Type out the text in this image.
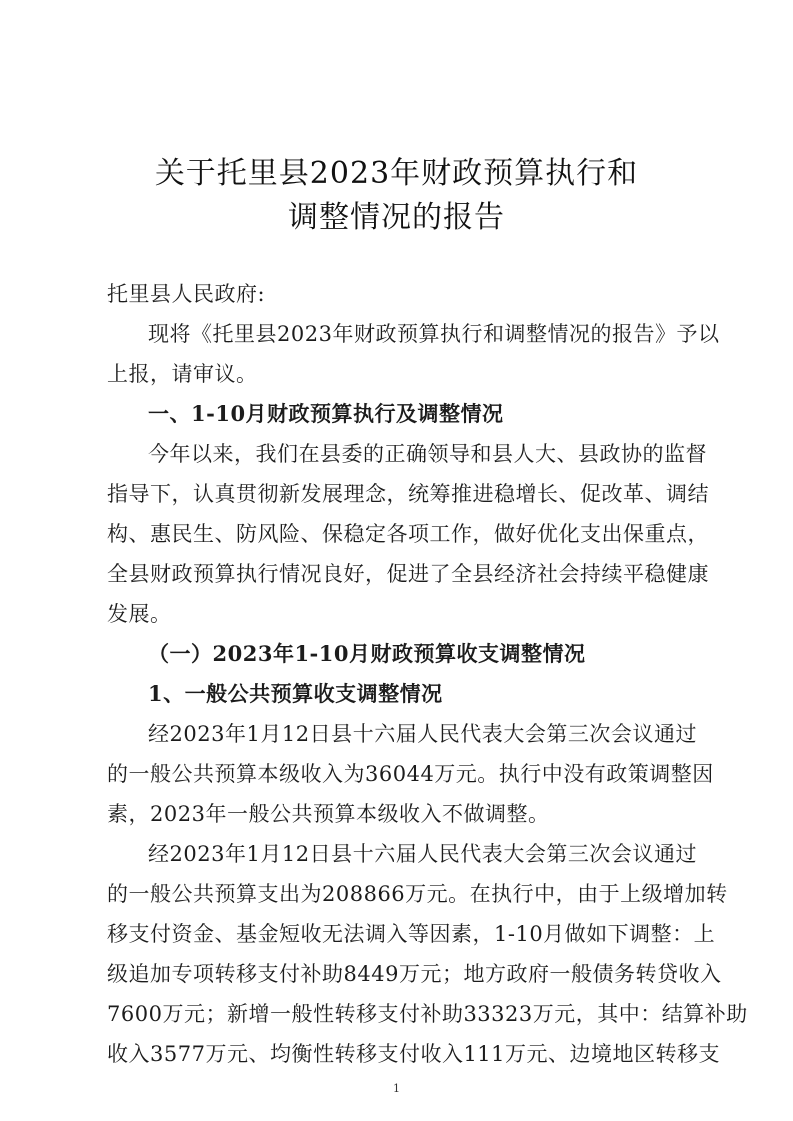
关于托里县2023年财政预算执行和
调整情况的报告
托里县人民政府:
现将《托里县2023年财政预算执行和调整情况的报告》予以
上报，请审议。
一、1-10月财政预算执行及调整情况
今年以来，我们在县委的正确领导和县人大、县政协的监督
指导下，认真贯彻新发展理念，统筹推进稳增长、促改革、调结
构、惠民生、防风险、保稳定各项工作，做好优化支出保重点，
全县财政预算执行情况良好，促进了全县经济社会持续平稳健康
发展。
（一）2023年1-10月财政预算收支调整情况
1、一般公共预算收支调整情况
经2023年1月12日县十六届人民代表大会第三次会议通过
的一般公共预算本级收入为36044万元。执行中没有政策调整因
素，2023年一般公共预算本级收入不做调整。
经2023年1月12日县十六届人民代表大会第三次会议通过
的一般公共预算支出为208866万元。在执行中，由于上级增加转
移支付资金、基金短收无法调入等因素，1-10月做如下调整：上
级追加专项转移支付补助8449万元；地方政府一般债务转贷收入
7600万元；新增一般性转移支付补助33323万元，其中：结算补助
收入3577万元、均衡性转移支付收入111万元、边境地区转移支
1
